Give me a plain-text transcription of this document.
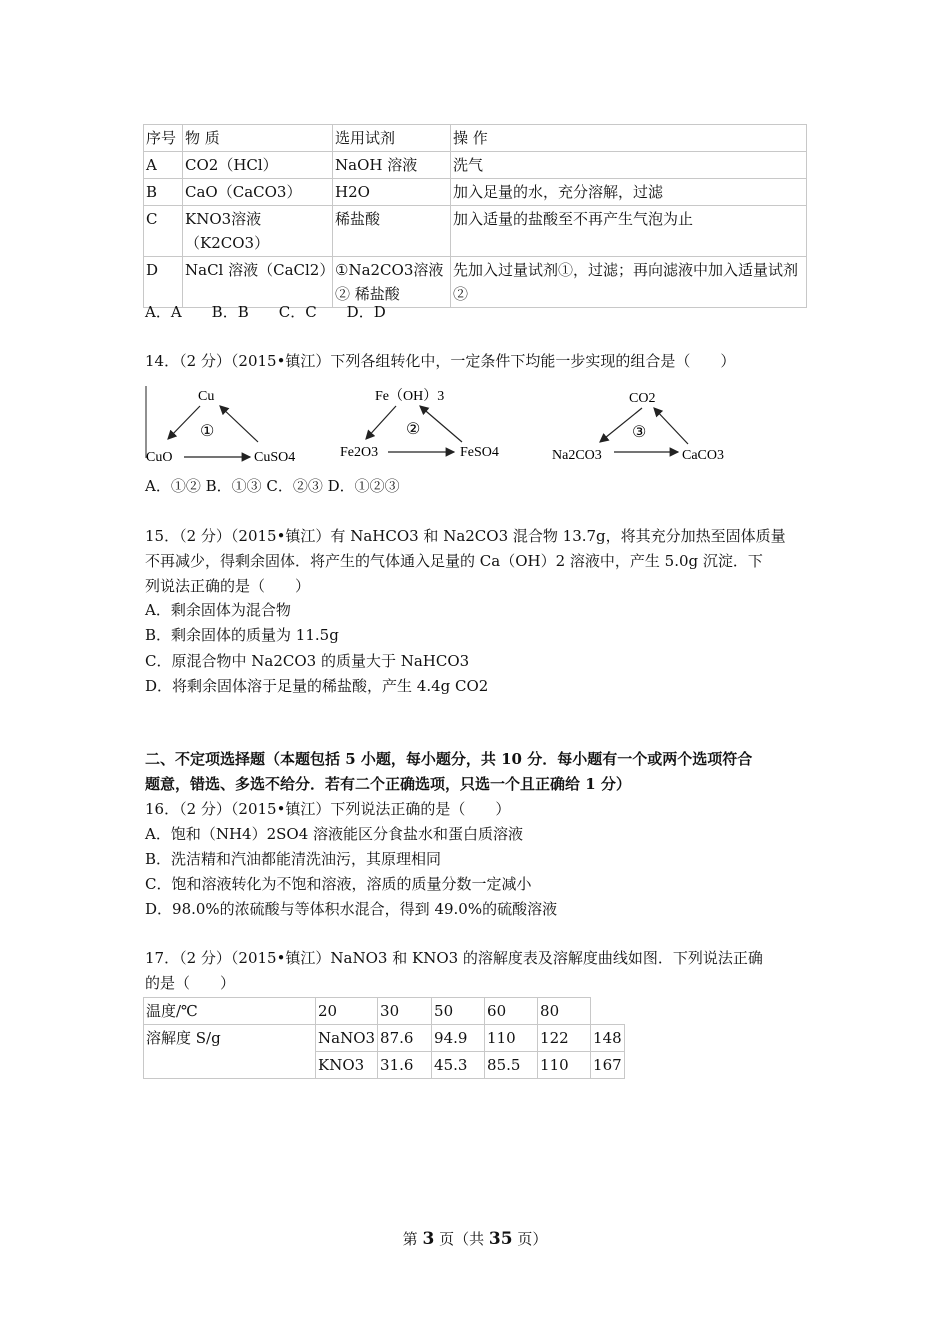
序号	物 质	选用试剂	操 作
A	CO2（HCl）	NaOH 溶液	洗气
B	CaO（CaCO3）	H2O	加入足量的水，充分溶解，过滤
C	KNO3溶液（K2CO3）	稀盐酸	加入适量的盐酸至不再产生气泡为止
D	NaCl 溶液（CaCl2）	①Na2CO3溶液 ② 稀盐酸	先加入过量试剂①，过滤；再向滤液中加入适量试剂②
A．A　　B．B　　C．C　　D．D
14．（2 分）（2015•镇江）下列各组转化中，一定条件下均能一步实现的组合是（　　）
Cu
CuO	CuSO4
①
Fe（OH）3
Fe2O3	FeSO4
②
CO2
Na2CO3	CaCO3
③
A．①② B．①③ C．②③ D．①②③
15．（2 分）（2015•镇江）有 NaHCO3 和 Na2CO3 混合物 13.7g，将其充分加热至固体质量
不再减少，得剩余固体．将产生的气体通入足量的 Ca（OH）2 溶液中，产生 5.0g 沉淀．下
列说法正确的是（　　）
A．剩余固体为混合物
B．剩余固体的质量为 11.5g
C．原混合物中 Na2CO3 的质量大于 NaHCO3
D．将剩余固体溶于足量的稀盐酸，产生 4.4g CO2
二、不定项选择题（本题包括 5 小题，每小题分，共 10 分．每小题有一个或两个选项符合
题意，错选、多选不给分．若有二个正确选项，只选一个且正确给 1 分）
16．（2 分）（2015•镇江）下列说法正确的是（　　）
A．饱和（NH4）2SO4 溶液能区分食盐水和蛋白质溶液
B．洗洁精和汽油都能清洗油污，其原理相同
C．饱和溶液转化为不饱和溶液，溶质的质量分数一定减小
D．98.0%的浓硫酸与等体积水混合，得到 49.0%的硫酸溶液
17．（2 分）（2015•镇江）NaNO3 和 KNO3 的溶解度表及溶解度曲线如图．下列说法正确
的是（　　）
温度/℃	20	30	50	60	80	
溶解度 S/g	NaNO3	87.6	94.9	110	122	148
	KNO3	31.6	45.3	85.5	110	167
第 3 页（共 35 页）
